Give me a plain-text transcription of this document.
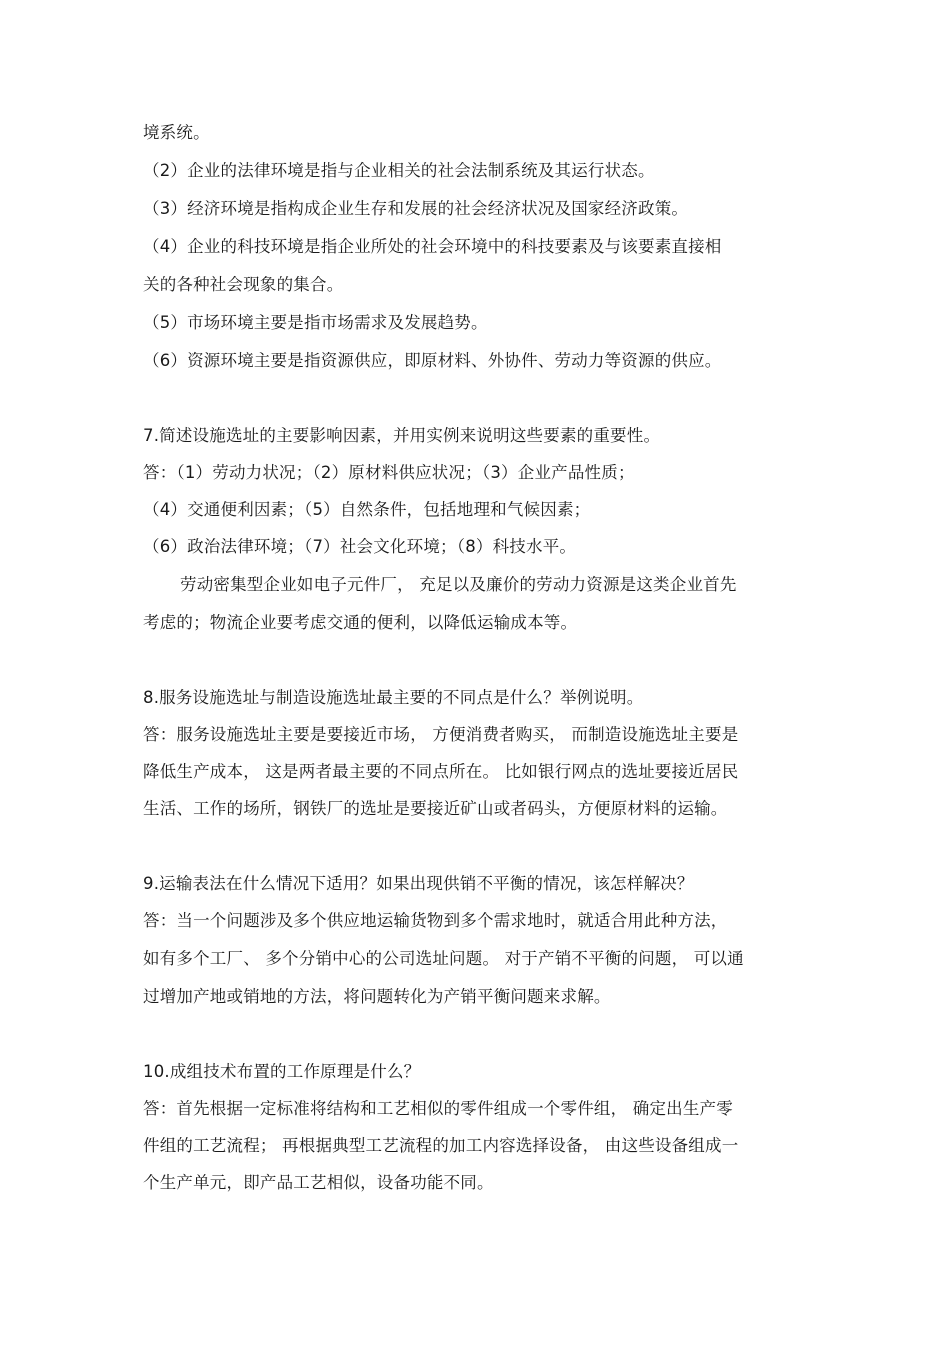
境系统。
（2）企业的法律环境是指与企业相关的社会法制系统及其运行状态。
（3）经济环境是指构成企业生存和发展的社会经济状况及国家经济政策。
（4）企业的科技环境是指企业所处的社会环境中的科技要素及与该要素直接相
关的各种社会现象的集合。
（5）市场环境主要是指市场需求及发展趋势。
（6）资源环境主要是指资源供应，即原材料、外协件、劳动力等资源的供应。
7.简述设施选址的主要影响因素，并用实例来说明这些要素的重要性。
答：（1）劳动力状况；（2）原材料供应状况；（3）企业产品性质；
（4）交通便利因素；（5）自然条件，包括地理和气候因素；
（6）政治法律环境；（7）社会文化环境；（8）科技水平。
劳动密集型企业如电子元件厂， 充足以及廉价的劳动力资源是这类企业首先
考虑的；物流企业要考虑交通的便利，以降低运输成本等。
8.服务设施选址与制造设施选址最主要的不同点是什么？举例说明。
答：服务设施选址主要是要接近市场， 方便消费者购买， 而制造设施选址主要是
降低生产成本， 这是两者最主要的不同点所在。 比如银行网点的选址要接近居民
生活、工作的场所，钢铁厂的选址是要接近矿山或者码头，方便原材料的运输。
9.运输表法在什么情况下适用？如果出现供销不平衡的情况，该怎样解决？
答：当一个问题涉及多个供应地运输货物到多个需求地时，就适合用此种方法，
如有多个工厂、 多个分销中心的公司选址问题。 对于产销不平衡的问题， 可以通
过增加产地或销地的方法，将问题转化为产销平衡问题来求解。
10.成组技术布置的工作原理是什么？
答：首先根据一定标准将结构和工艺相似的零件组成一个零件组， 确定出生产零
件组的工艺流程； 再根据典型工艺流程的加工内容选择设备， 由这些设备组成一
个生产单元，即产品工艺相似，设备功能不同。
